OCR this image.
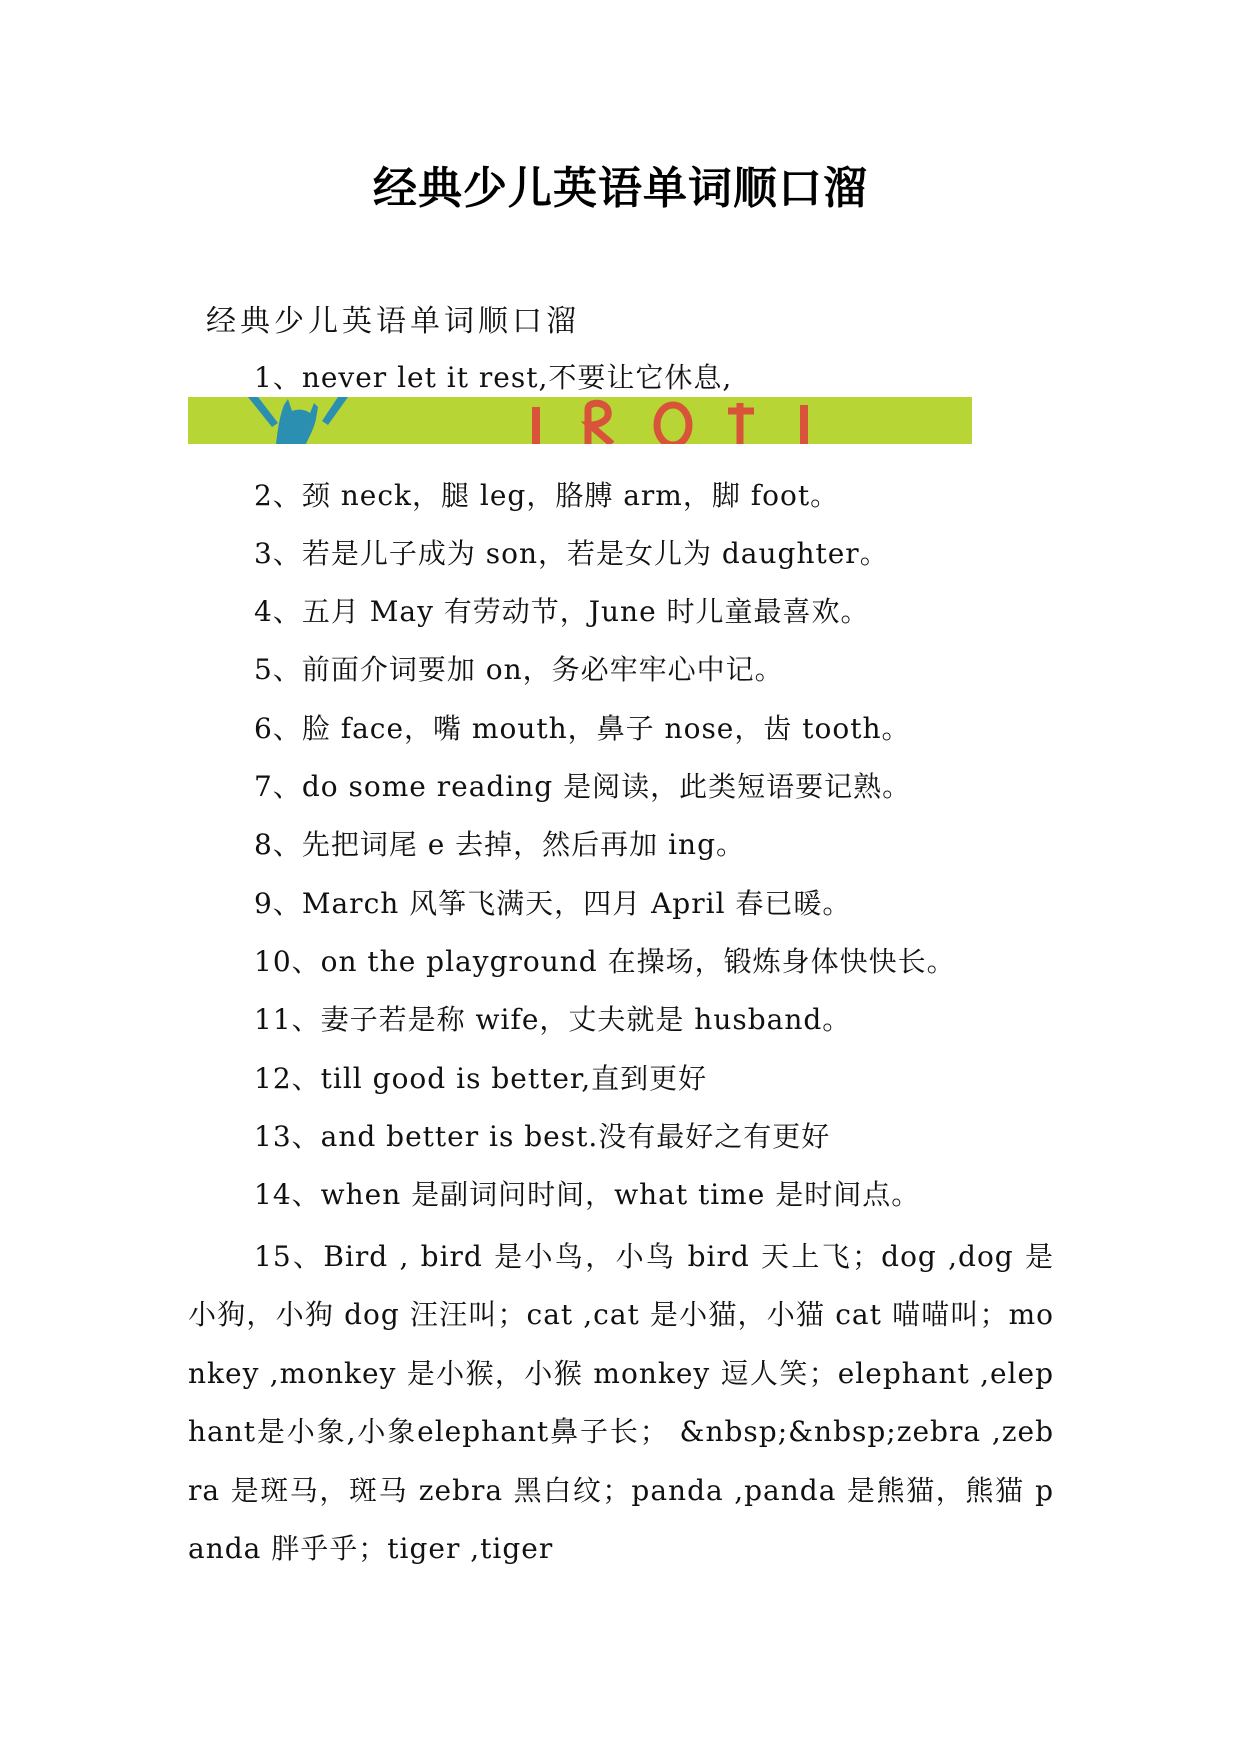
经典少儿英语单词顺口溜
经典少儿英语单词顺口溜
1、never let it rest,不要让它休息,
2、颈 neck，腿 leg，胳膊 arm，脚 foot。
3、若是儿子成为 son，若是女儿为 daughter。
4、五月 May 有劳动节，June 时儿童最喜欢。
5、前面介词要加 on，务必牢牢心中记。
6、脸 face，嘴 mouth，鼻子 nose，齿 tooth。
7、do some reading 是阅读，此类短语要记熟。
8、先把词尾 e 去掉，然后再加 ing。
9、March 风筝飞满天，四月 April 春已暖。
10、on the playground 在操场，锻炼身体快快长。
11、妻子若是称 wife，丈夫就是 husband。
12、till good is better,直到更好
13、and better is best.没有最好之有更好
14、when 是副词问时间，what time 是时间点。
15、Bird , bird 是小鸟，小鸟 bird 天上飞；dog ,dog 是小狗，小狗 dog 汪汪叫；cat ,cat 是小猫，小猫 cat 喵喵叫；monkey ,monkey 是小猴，小猴 monkey 逗人笑；elephant ,elephant是小象,小象elephant鼻子长； &nbsp;&nbsp;zebra ,zebra 是斑马，斑马 zebra 黑白纹；panda ,panda 是熊猫，熊猫 panda 胖乎乎；tiger ,tiger
